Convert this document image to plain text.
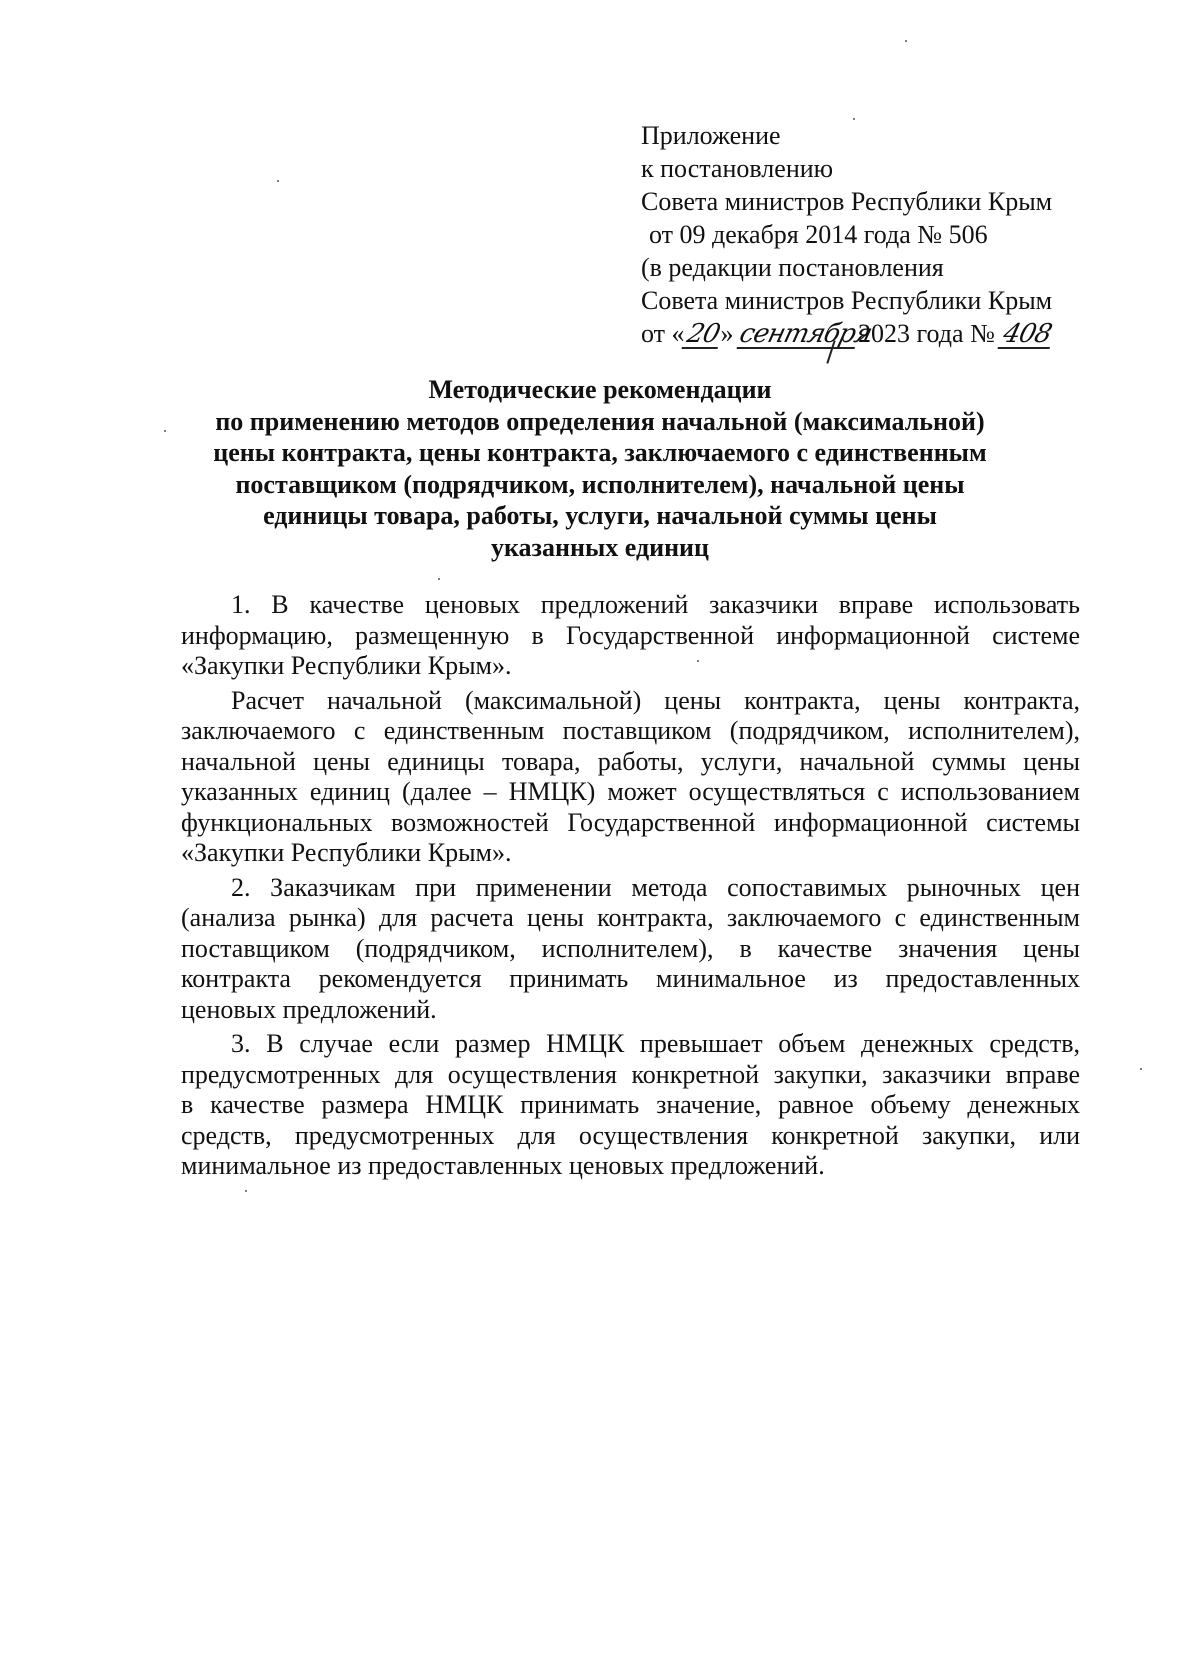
Приложение
к постановлению
Совета министров Республики Крым
от 09 декабря 2014 года № 506
(в редакции постановления
Совета министров Республики Крым
от «20» сентября2023 года № 408
Методические рекомендации
по применению методов определения начальной (максимальной)
цены контракта, цены контракта, заключаемого с единственным
поставщиком (подрядчиком, исполнителем), начальной цены
единицы товара, работы, услуги, начальной суммы цены
указанных единиц
1. В качестве ценовых предложений заказчики вправе использовать
информацию, размещенную в Государственной информационной системе
«Закупки Республики Крым».
Расчет начальной (максимальной) цены контракта, цены контракта,
заключаемого с единственным поставщиком (подрядчиком, исполнителем),
начальной цены единицы товара, работы, услуги, начальной суммы цены
указанных единиц (далее – НМЦК) может осуществляться с использованием
функциональных возможностей Государственной информационной системы
«Закупки Республики Крым».
2. Заказчикам при применении метода сопоставимых рыночных цен
(анализа рынка) для расчета цены контракта, заключаемого с единственным
поставщиком (подрядчиком, исполнителем), в качестве значения цены
контракта рекомендуется принимать минимальное из предоставленных
ценовых предложений.
3. В случае если размер НМЦК превышает объем денежных средств,
предусмотренных для осуществления конкретной закупки, заказчики вправе
в качестве размера НМЦК принимать значение, равное объему денежных
средств, предусмотренных для осуществления конкретной закупки, или
минимальное из предоставленных ценовых предложений.
